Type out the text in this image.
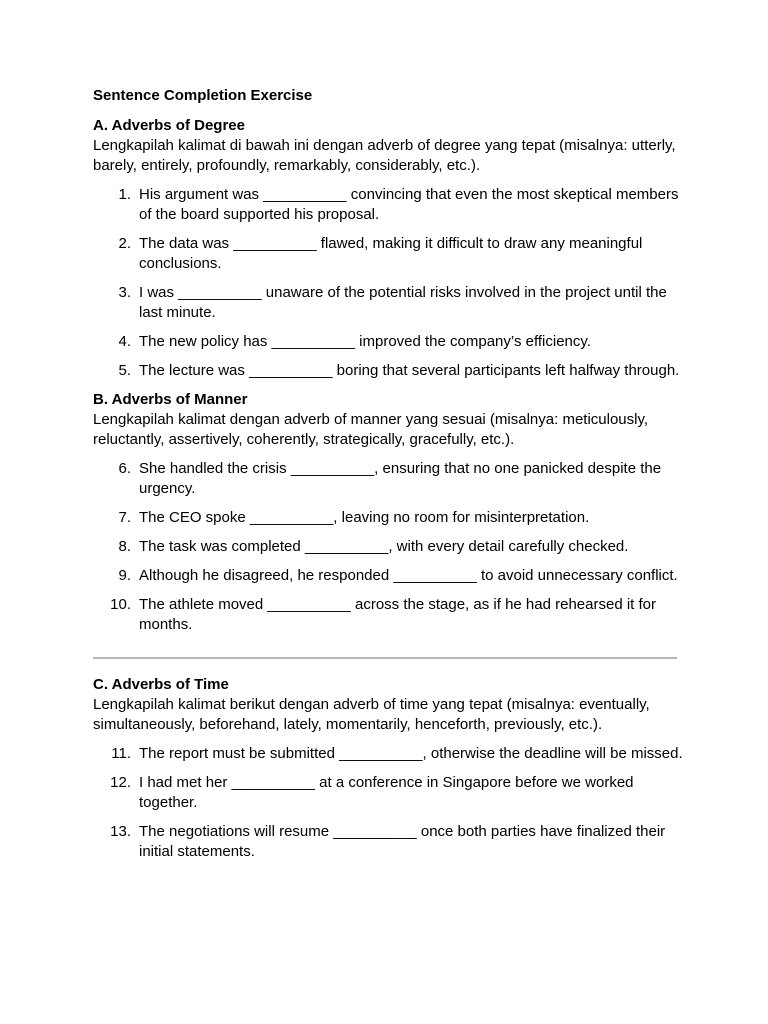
Sentence Completion Exercise
A. Adverbs of Degree
Lengkapilah kalimat di bawah ini dengan adverb of degree yang tepat (misalnya: utterly, barely, entirely, profoundly, remarkably, considerably, etc.).
1. His argument was __________ convincing that even the most skeptical members of the board supported his proposal.
2. The data was __________ flawed, making it difficult to draw any meaningful conclusions.
3. I was __________ unaware of the potential risks involved in the project until the last minute.
4. The new policy has __________ improved the company’s efficiency.
5. The lecture was __________ boring that several participants left halfway through.
B. Adverbs of Manner
Lengkapilah kalimat dengan adverb of manner yang sesuai (misalnya: meticulously, reluctantly, assertively, coherently, strategically, gracefully, etc.).
6. She handled the crisis __________, ensuring that no one panicked despite the urgency.
7. The CEO spoke __________, leaving no room for misinterpretation.
8. The task was completed __________, with every detail carefully checked.
9. Although he disagreed, he responded __________ to avoid unnecessary conflict.
10. The athlete moved __________ across the stage, as if he had rehearsed it for months.
C. Adverbs of Time
Lengkapilah kalimat berikut dengan adverb of time yang tepat (misalnya: eventually, simultaneously, beforehand, lately, momentarily, henceforth, previously, etc.).
11. The report must be submitted __________, otherwise the deadline will be missed.
12. I had met her __________ at a conference in Singapore before we worked together.
13. The negotiations will resume __________ once both parties have finalized their initial statements.
